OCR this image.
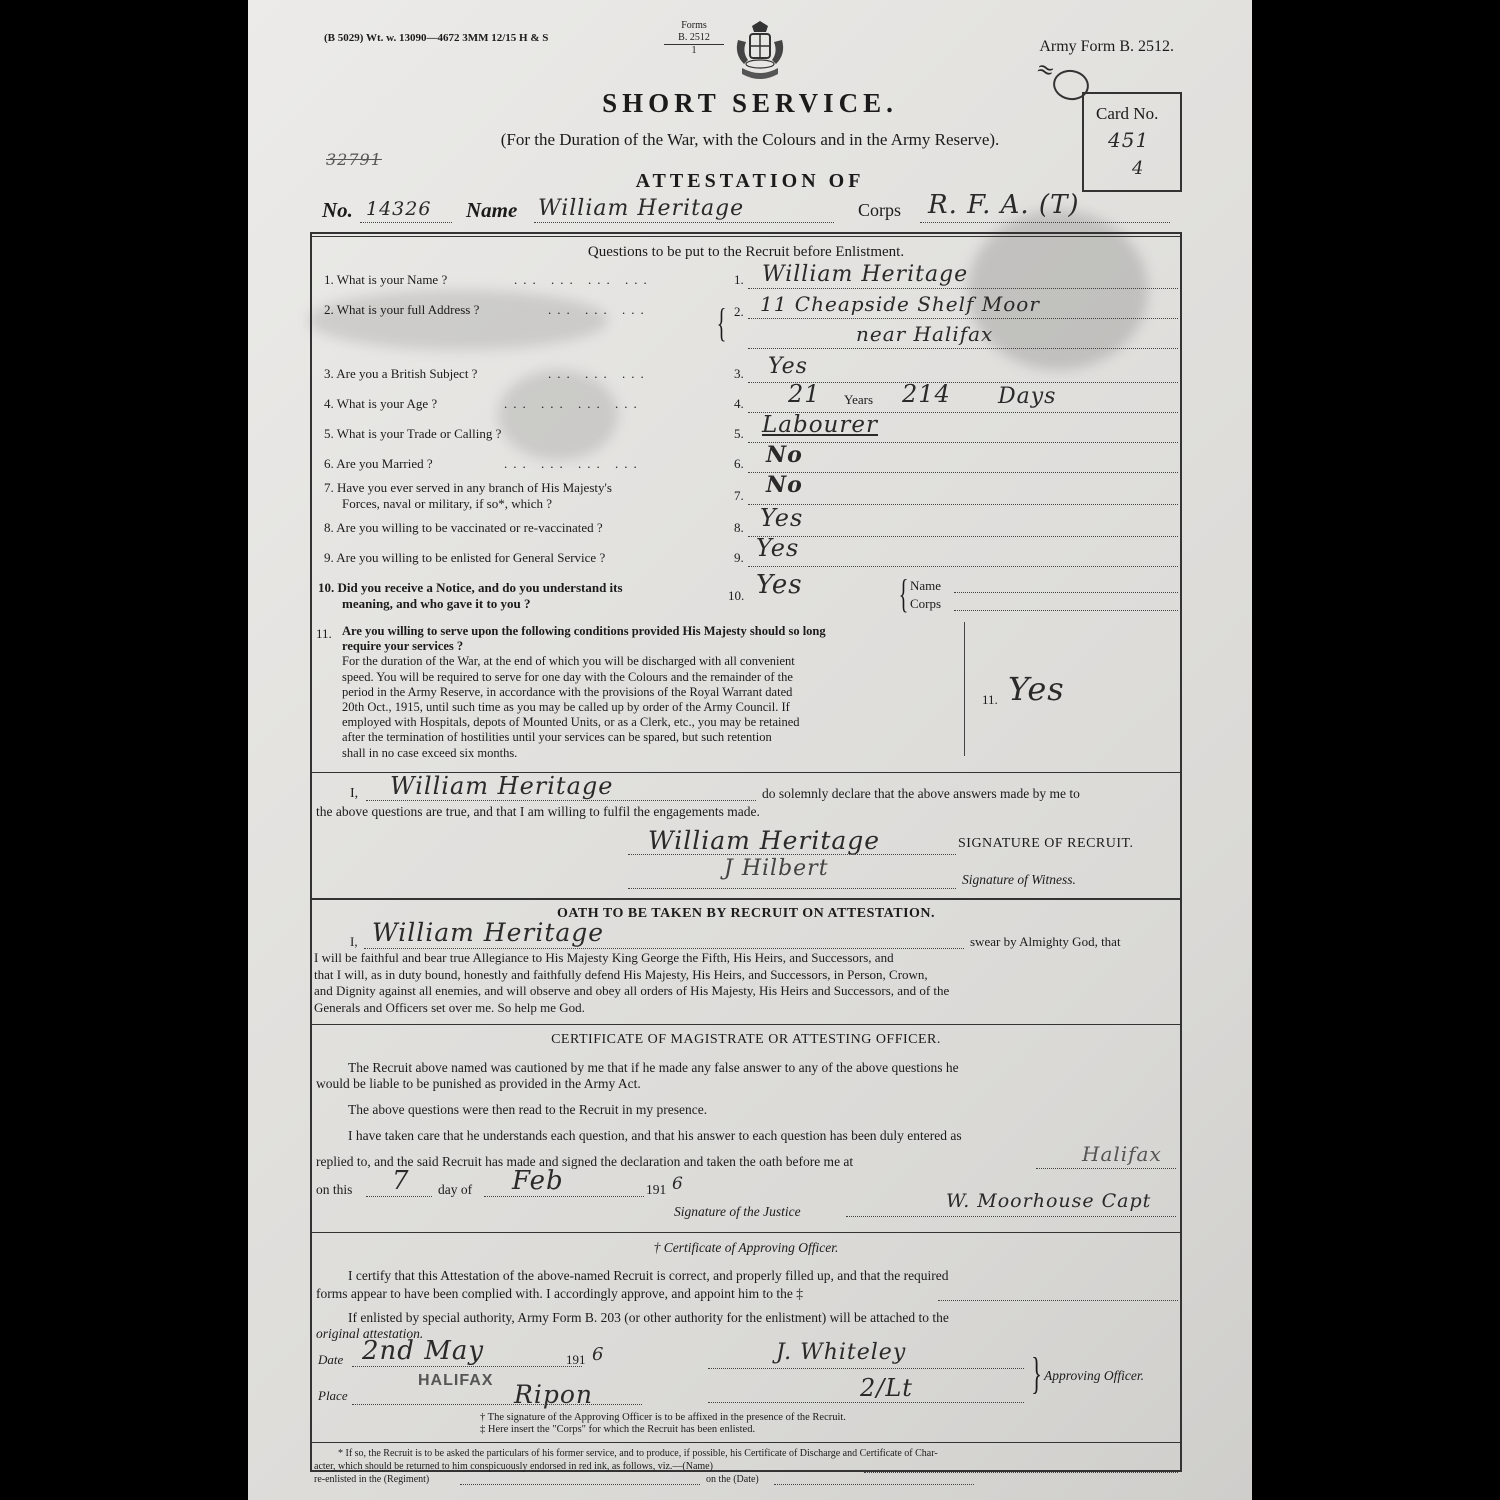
(B 5029) Wt. w. 13090—4672 3MM 12/15 H & S
Forms
B. 2512
1	Army Form B. 2512.
≈
SHORT SERVICE.
(For the Duration of the War, with the Colours and in the Army Reserve).
Card No.
451
4
32791
ATTESTATION OF
No. 14326 Name William Heritage	Corps R. F. A. (T)
Questions to be put to the Recruit before Enlistment.
1. What is your Name ?	... ... ... ...	1. William Heritage
2. What is your full Address ?	... ... ... { 2. 11 Cheapside Shelf Moor
near Halifax
3. Are you a British Subject ?	... ... ...	3. Yes
4. What is your Age ?	... ... ... ...	4. 21 Years 214 Days
5. What is your Trade or Calling ?	5. Labourer
6. Are you Married ?	... ... ... ...	6. No
7. Have you ever served in any branch of His Majesty's
Forces, naval or military, if so*, which ?
7. No
8. Are you willing to be vaccinated or re-vaccinated ?	8. Yes
9. Are you willing to be enlisted for General Service ?	9. Yes
10. Did you receive a Notice, and do you understand its
meaning, and who gave it to you ?
10. Yes { Name
Corps
11. Are you willing to serve upon the following conditions provided His Majesty should so long
require your services ?
For the duration of the War, at the end of which you will be discharged with all convenient
speed. You will be required to serve for one day with the Colours and the remainder of the
period in the Army Reserve, in accordance with the provisions of the Royal Warrant dated
20th Oct., 1915, until such time as you may be called up by order of the Army Council. If
employed with Hospitals, depots of Mounted Units, or as a Clerk, etc., you may be retained
after the termination of hostilities until your services can be spared, but such retention
shall in no case exceed six months.
11. Yes
I, William Heritage	do solemnly declare that the above answers made by me to
the above questions are true, and that I am willing to fulfil the engagements made.
William Heritage	SIGNATURE OF RECRUIT.
J Hilbert	Signature of Witness.
OATH TO BE TAKEN BY RECRUIT ON ATTESTATION.
I, William Heritage	swear by Almighty God, that
I will be faithful and bear true Allegiance to His Majesty King George the Fifth, His Heirs, and Successors, and
that I will, as in duty bound, honestly and faithfully defend His Majesty, His Heirs, and Successors, in Person, Crown,
and Dignity against all enemies, and will observe and obey all orders of His Majesty, His Heirs and Successors, and of the
Generals and Officers set over me. So help me God.
CERTIFICATE OF MAGISTRATE OR ATTESTING OFFICER.
The Recruit above named was cautioned by me that if he made any false answer to any of the above questions he
would be liable to be punished as provided in the Army Act.
The above questions were then read to the Recruit in my presence.
I have taken care that he understands each question, and that his answer to each question has been duly entered as
replied to, and the said Recruit has made and signed the declaration and taken the oath before me at	Halifax
on this 7 day of Feb	191 6
Signature of the Justice	W. Moorhouse Capt
† Certificate of Approving Officer.
I certify that this Attestation of the above-named Recruit is correct, and properly filled up, and that the required
forms appear to have been complied with. I accordingly approve, and appoint him to the ‡
If enlisted by special authority, Army Form B. 203 (or other authority for the enlistment) will be attached to the
original attestation.
Date 2nd May	191 6
Place
HALIFAX Ripon
J. Whiteley
2/Lt	} Approving Officer.
† The signature of the Approving Officer is to be affixed in the presence of the Recruit.
‡ Here insert the "Corps" for which the Recruit has been enlisted.
* If so, the Recruit is to be asked the particulars of his former service, and to produce, if possible, his Certificate of Discharge and Certificate of Char-
acter, which should be returned to him conspicuously endorsed in red ink, as follows, viz.—(Name)
re-enlisted in the (Regiment)	on the (Date)
